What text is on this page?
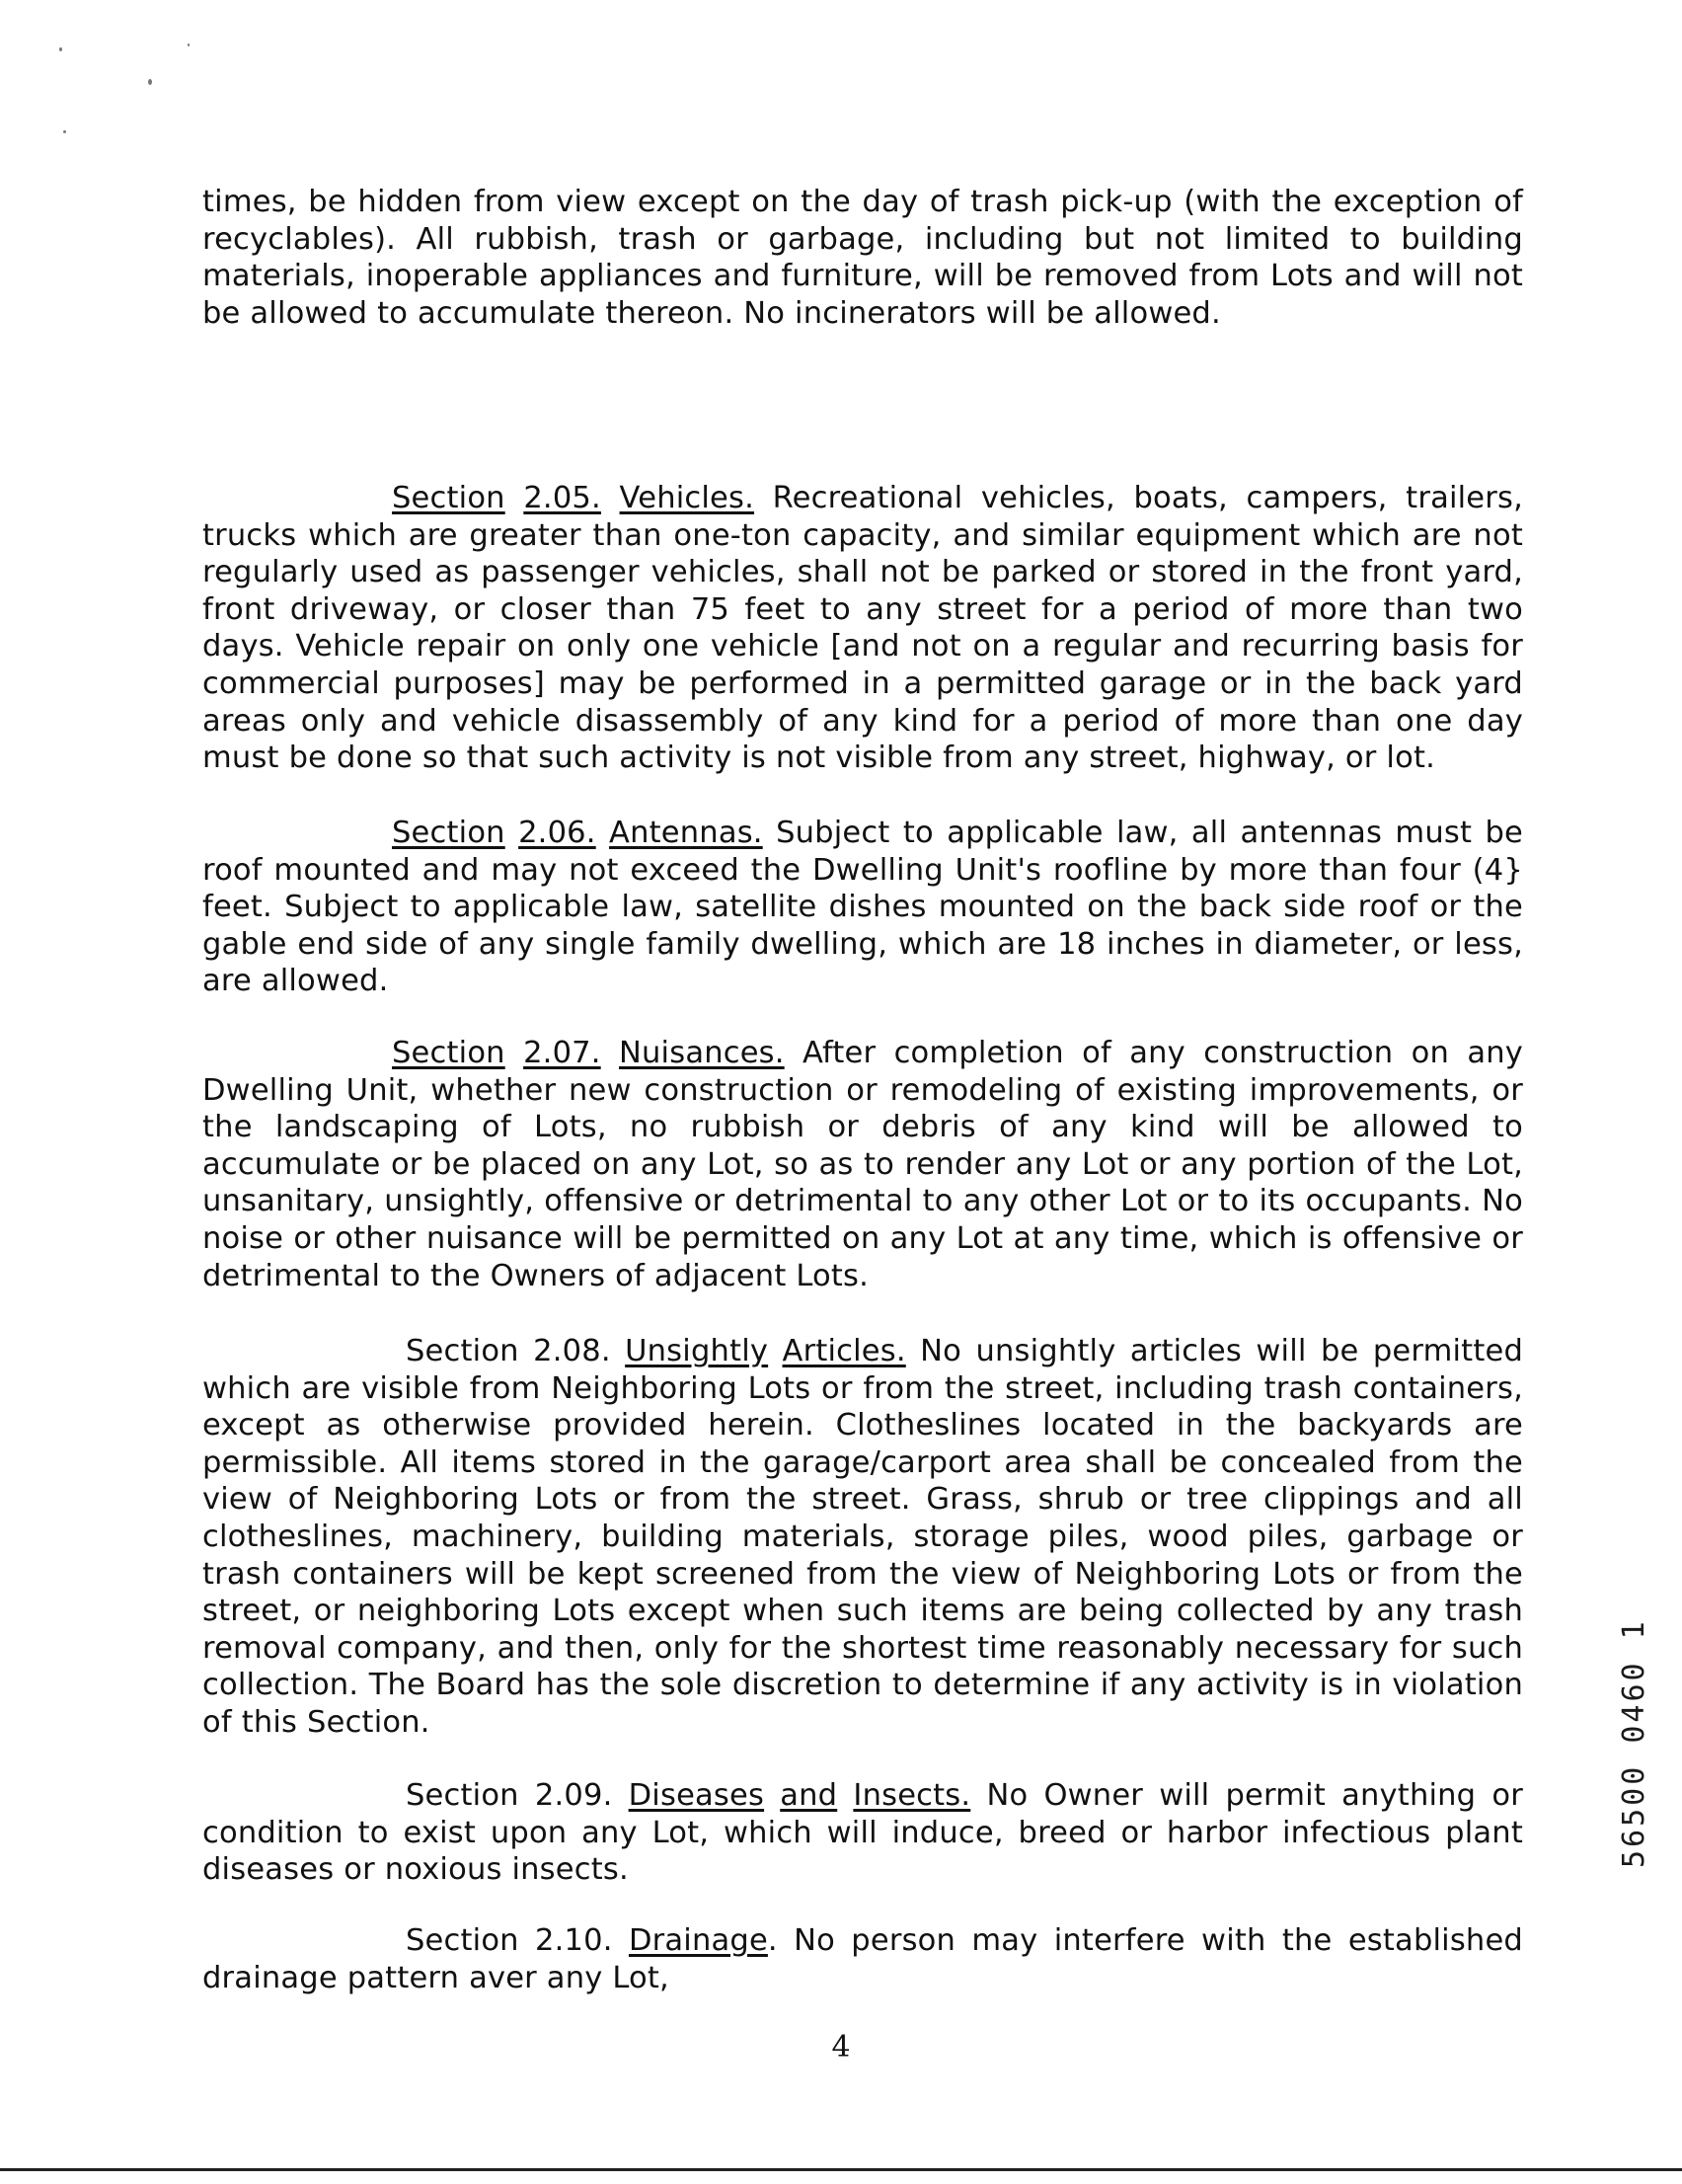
times, be hidden from view except on the day of trash pick-up (with the exception of recyclables). All rubbish, trash or garbage, including but not limited to building materials, inoperable appliances and furniture, will be removed from Lots and will not be allowed to accumulate thereon. No incinerators will be allowed.

Section 2.05. Vehicles. Recreational vehicles, boats, campers, trailers, trucks which are greater than one-ton capacity, and similar equipment which are not regularly used as passenger vehicles, shall not be parked or stored in the front yard, front driveway, or closer than 75 feet to any street for a period of more than two days. Vehicle repair on only one vehicle [and not on a regular and recurring basis for commercial purposes] may be performed in a permitted garage or in the back yard areas only and vehicle disassembly of any kind for a period of more than one day must be done so that such activity is not visible from any street, highway, or lot.

Section 2.06. Antennas. Subject to applicable law, all antennas must be roof mounted and may not exceed the Dwelling Unit's roofline by more than four (4} feet. Subject to applicable law, satellite dishes mounted on the back side roof or the gable end side of any single family dwelling, which are 18 inches in diameter, or less, are allowed.

Section 2.07. Nuisances. After completion of any construction on any Dwelling Unit, whether new construction or remodeling of existing improvements, or the landscaping of Lots, no rubbish or debris of any kind will be allowed to accumulate or be placed on any Lot, so as to render any Lot or any portion of the Lot, unsanitary, unsightly, offensive or detrimental to any other Lot or to its occupants. No noise or other nuisance will be permitted on any Lot at any time, which is offensive or detrimental to the Owners of adjacent Lots.

Section 2.08. Unsightly Articles. No unsightly articles will be permitted which are visible from Neighboring Lots or from the street, including trash containers, except as otherwise provided herein. Clotheslines located in the backyards are permissible. All items stored in the garage/carport area shall be concealed from the view of Neighboring Lots or from the street. Grass, shrub or tree clippings and all clotheslines, machinery, building materials, storage piles, wood piles, garbage or trash containers will be kept screened from the view of Neighboring Lots or from the street, or neighboring Lots except when such items are being collected by any trash removal company, and then, only for the shortest time reasonably necessary for such collection. The Board has the sole discretion to determine if any activity is in violation of this Section.

Section 2.09. Diseases and Insects. No Owner will permit anything or condition to exist upon any Lot, which will induce, breed or harbor infectious plant diseases or noxious insects.

Section 2.10. Drainage. No person may interfere with the established drainage pattern aver any Lot,

4
56500 0460 1
